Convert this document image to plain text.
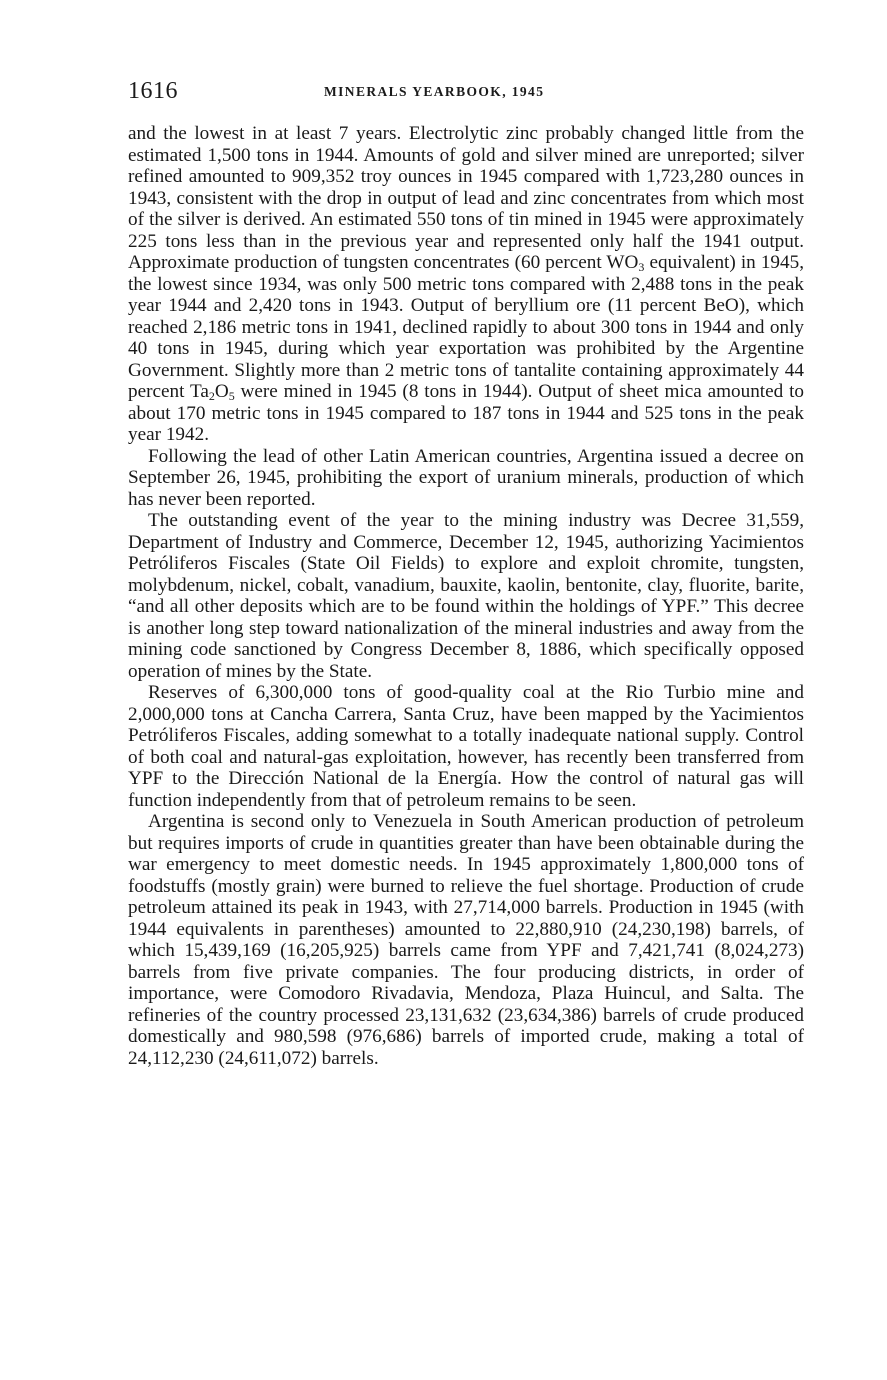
1616	MINERALS YEARBOOK, 1945

and the lowest in at least 7 years. Electrolytic zinc probably changed little from the estimated 1,500 tons in 1944. Amounts of gold and silver mined are unreported; silver refined amounted to 909,352 troy ounces in 1945 compared with 1,723,280 ounces in 1943, consistent with the drop in output of lead and zinc concentrates from which most of the silver is derived. An estimated 550 tons of tin mined in 1945 were approximately 225 tons less than in the previous year and represented only half the 1941 output. Approximate production of tungsten concentrates (60 percent $WO_3$ equivalent) in 1945, the lowest since 1934, was only 500 metric tons compared with 2,488 tons in the peak year 1944 and 2,420 tons in 1943. Output of beryllium ore (11 percent BeO), which reached 2,186 metric tons in 1941, declined rapidly to about 300 tons in 1944 and only 40 tons in 1945, during which year exportation was prohibited by the Argentine Government. Slightly more than 2 metric tons of tantalite containing approximately 44 percent $Ta_2O_5$ were mined in 1945 (8 tons in 1944). Output of sheet mica amounted to about 170 metric tons in 1945 compared to 187 tons in 1944 and 525 tons in the peak year 1942.

Following the lead of other Latin American countries, Argentina issued a decree on September 26, 1945, prohibiting the export of uranium minerals, production of which has never been reported.

The outstanding event of the year to the mining industry was Decree 31,559, Department of Industry and Commerce, December 12, 1945, authorizing Yacimientos Petróliferos Fiscales (State Oil Fields) to explore and exploit chromite, tungsten, molybdenum, nickel, cobalt, vanadium, bauxite, kaolin, bentonite, clay, fluorite, barite, “and all other deposits which are to be found within the holdings of YPF.” This decree is another long step toward nationalization of the mineral industries and away from the mining code sanctioned by Congress December 8, 1886, which specifically opposed operation of mines by the State.

Reserves of 6,300,000 tons of good-quality coal at the Rio Turbio mine and 2,000,000 tons at Cancha Carrera, Santa Cruz, have been mapped by the Yacimientos Petróliferos Fiscales, adding somewhat to a totally inadequate national supply. Control of both coal and natural-gas exploitation, however, has recently been transferred from YPF to the Dirección National de la Energía. How the control of natural gas will function independently from that of petroleum remains to be seen.

Argentina is second only to Venezuela in South American production of petroleum but requires imports of crude in quantities greater than have been obtainable during the war emergency to meet domestic needs. In 1945 approximately 1,800,000 tons of foodstuffs (mostly grain) were burned to relieve the fuel shortage. Production of crude petroleum attained its peak in 1943, with 27,714,000 barrels. Production in 1945 (with 1944 equivalents in parentheses) amounted to 22,880,910 (24,230,198) barrels, of which 15,439,169 (16,205,925) barrels came from YPF and 7,421,741 (8,024,273) barrels from five private companies. The four producing districts, in order of importance, were Comodoro Rivadavia, Mendoza, Plaza Huincul, and Salta. The refineries of the country processed 23,131,632 (23,634,386) barrels of crude produced domestically and 980,598 (976,686) barrels of imported crude, making a total of 24,112,230 (24,611,072) barrels.
